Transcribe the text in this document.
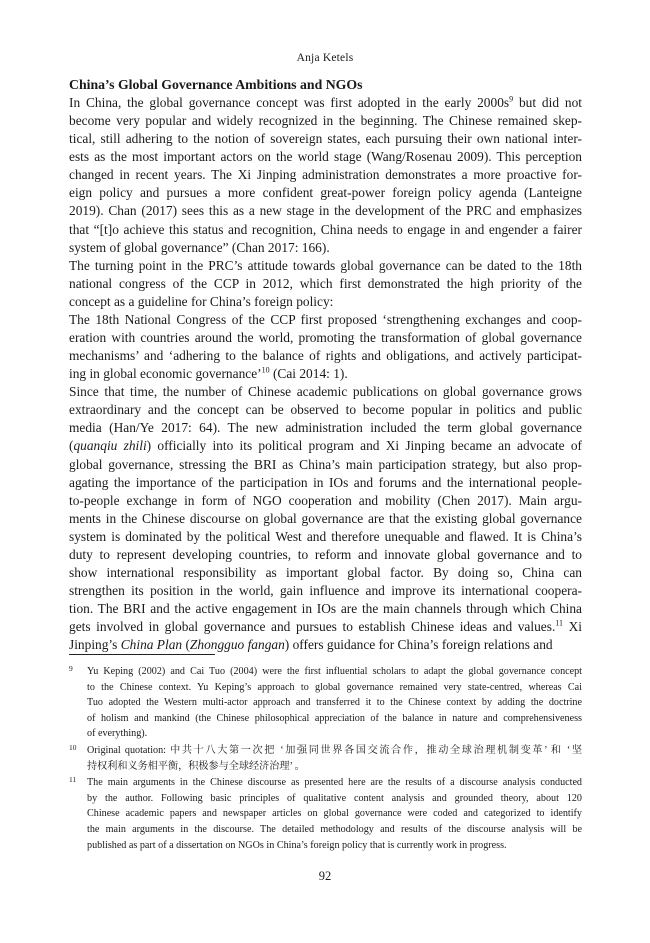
Anja Ketels
China’s Global Governance Ambitions and NGOs
In China, the global governance concept was first adopted in the early $2000s^9$ but did not
become very popular and widely recognized in the beginning. The Chinese remained skep-
tical, still adhering to the notion of sovereign states, each pursuing their own national inter-
ests as the most important actors on the world stage (Wang/Rosenau 2009). This perception
changed in recent years. The Xi Jinping administration demonstrates a more proactive for-
eign policy and pursues a more confident great-power foreign policy agenda (Lanteigne
2019). Chan (2017) sees this as a new stage in the development of the PRC and emphasizes
that “[t]o achieve this status and recognition, China needs to engage in and engender a fairer
system of global governance” (Chan 2017: 166).
The turning point in the PRC’s attitude towards global governance can be dated to the 18th
national congress of the CCP in 2012, which first demonstrated the high priority of the
concept as a guideline for China’s foreign policy:
The 18th National Congress of the CCP first proposed ‘strengthening exchanges and coop-
eration with countries around the world, promoting the transformation of global governance
mechanisms’ and ‘adhering to the balance of rights and obligations, and actively participat-
ing in global economic governance’$^{10}$ (Cai 2014: 1).
Since that time, the number of Chinese academic publications on global governance grows
extraordinary and the concept can be observed to become popular in politics and public
media (Han/Ye 2017: 64). The new administration included the term global governance
(quanqiu zhili) officially into its political program and Xi Jinping became an advocate of
global governance, stressing the BRI as China’s main participation strategy, but also prop-
agating the importance of the participation in IOs and forums and the international people-
to-people exchange in form of NGO cooperation and mobility (Chen 2017). Main argu-
ments in the Chinese discourse on global governance are that the existing global governance
system is dominated by the political West and therefore unequable and flawed. It is China’s
duty to represent developing countries, to reform and innovate global governance and to
show international responsibility as important global factor. By doing so, China can
strengthen its position in the world, gain influence and improve its international coopera-
tion. The BRI and the active engagement in IOs are the main channels through which China
gets involved in global governance and pursues to establish Chinese ideas and values.$^{11}$ Xi
Jinping’s China Plan (Zhongguo fangan) offers guidance for China’s foreign relations and
9 Yu Keping (2002) and Cai Tuo (2004) were the first influential scholars to adapt the global governance concept
to the Chinese context. Yu Keping’s approach to global governance remained very state-centred, whereas Cai
Tuo adopted the Western multi-actor approach and transferred it to the Chinese context by adding the doctrine
of holism and mankind (the Chinese philosophical appreciation of the balance in nature and comprehensiveness
of everything).
10 Original quotation: 中共十八大第一次把 ‘加强同世界各国交流合作，推动全球治理机制变革’ 和 ‘坚
持权利和义务相平衡，积极参与全球经济治理’ 。
11 The main arguments in the Chinese discourse as presented here are the results of a discourse analysis conducted
by the author. Following basic principles of qualitative content analysis and grounded theory, about 120
Chinese academic papers and newspaper articles on global governance were coded and categorized to identify
the main arguments in the discourse. The detailed methodology and results of the discourse analysis will be
published as part of a dissertation on NGOs in China’s foreign policy that is currently work in progress.
92
